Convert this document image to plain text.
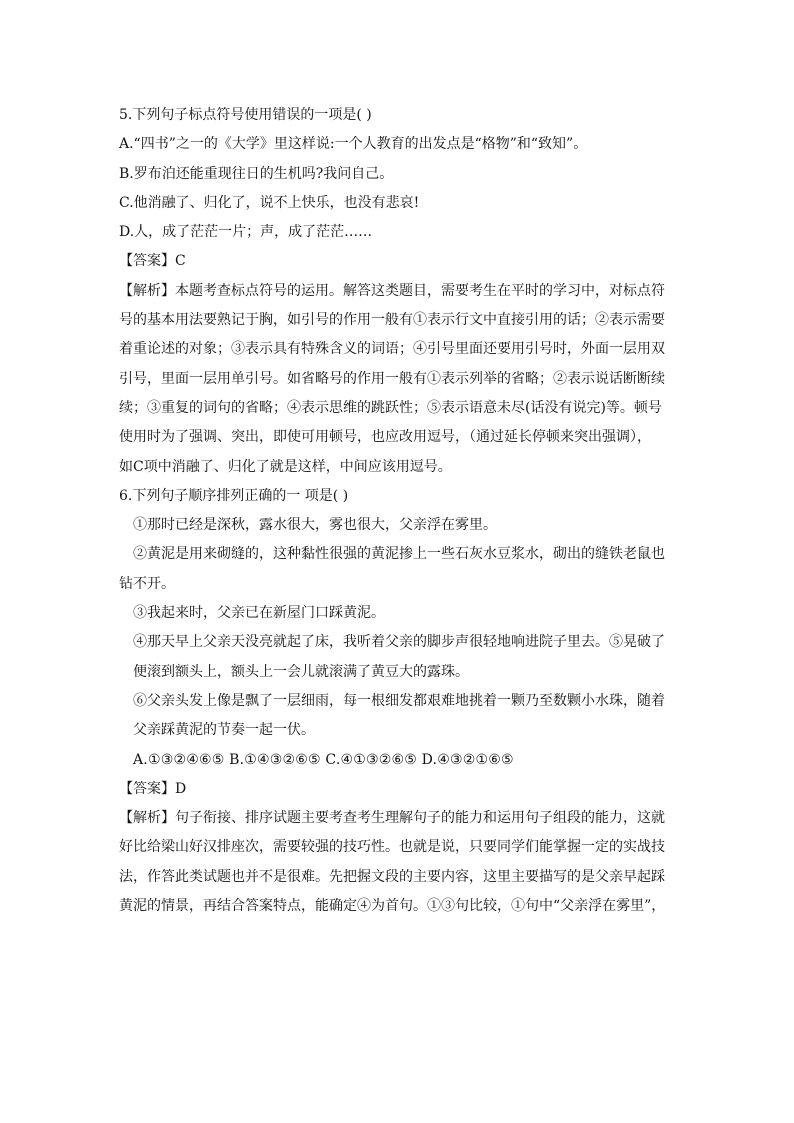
5.下列句子标点符号使用错误的一项是( )
A.“四书”之一的《大学》里这样说:一个人教育的出发点是“格物”和“致知”。
B.罗布泊还能重现往日的生机吗?我问自己。
C.他消融了、归化了，说不上快乐，也没有悲哀!
D.人，成了茫茫一片；声，成了茫茫……
【答案】C
【解析】本题考查标点符号的运用。解答这类题目，需要考生在平时的学习中，对标点符
号的基本用法要熟记于胸，如引号的作用一般有①表示行文中直接引用的话；②表示需要
着重论述的对象；③表示具有特殊含义的词语；④引号里面还要用引号时，外面一层用双
引号，里面一层用单引号。如省略号的作用一般有①表示列举的省略；②表示说话断断续
续；③重复的词句的省略；④表示思维的跳跃性；⑤表示语意未尽(话没有说完)等。顿号
使用时为了强调、突出，即使可用顿号，也应改用逗号，（通过延长停顿来突出强调），
如C项中消融了、归化了就是这样，中间应该用逗号。
6.下列句子顺序排列正确的一 项是( )
①那时已经是深秋，露水很大，雾也很大，父亲浮在雾里。
②黄泥是用来砌缝的，这种黏性很强的黄泥掺上一些石灰水豆浆水，砌出的缝铁老鼠也
钻不开。
③我起来时，父亲已在新屋门口踩黄泥。
④那天早上父亲天没亮就起了床，我听着父亲的脚步声很轻地响进院子里去。⑤晃破了
便滚到额头上，额头上一会儿就滚满了黄豆大的露珠。
⑥父亲头发上像是飘了一层细雨，每一根细发都艰难地挑着一颗乃至数颗小水珠，随着
父亲踩黄泥的节奏一起一伏。
A.①③②④⑥⑤ B.①④③②⑥⑤ C.④①③②⑥⑤ D.④③②①⑥⑤
【答案】D
【解析】句子衔接、排序试题主要考查考生理解句子的能力和运用句子组段的能力，这就
好比给梁山好汉排座次，需要较强的技巧性。也就是说，只要同学们能掌握一定的实战技
法，作答此类试题也并不是很难。先把握文段的主要内容，这里主要描写的是父亲早起踩
黄泥的情景，再结合答案特点，能确定④为首句。①③句比较，①句中“父亲浮在雾里”，
